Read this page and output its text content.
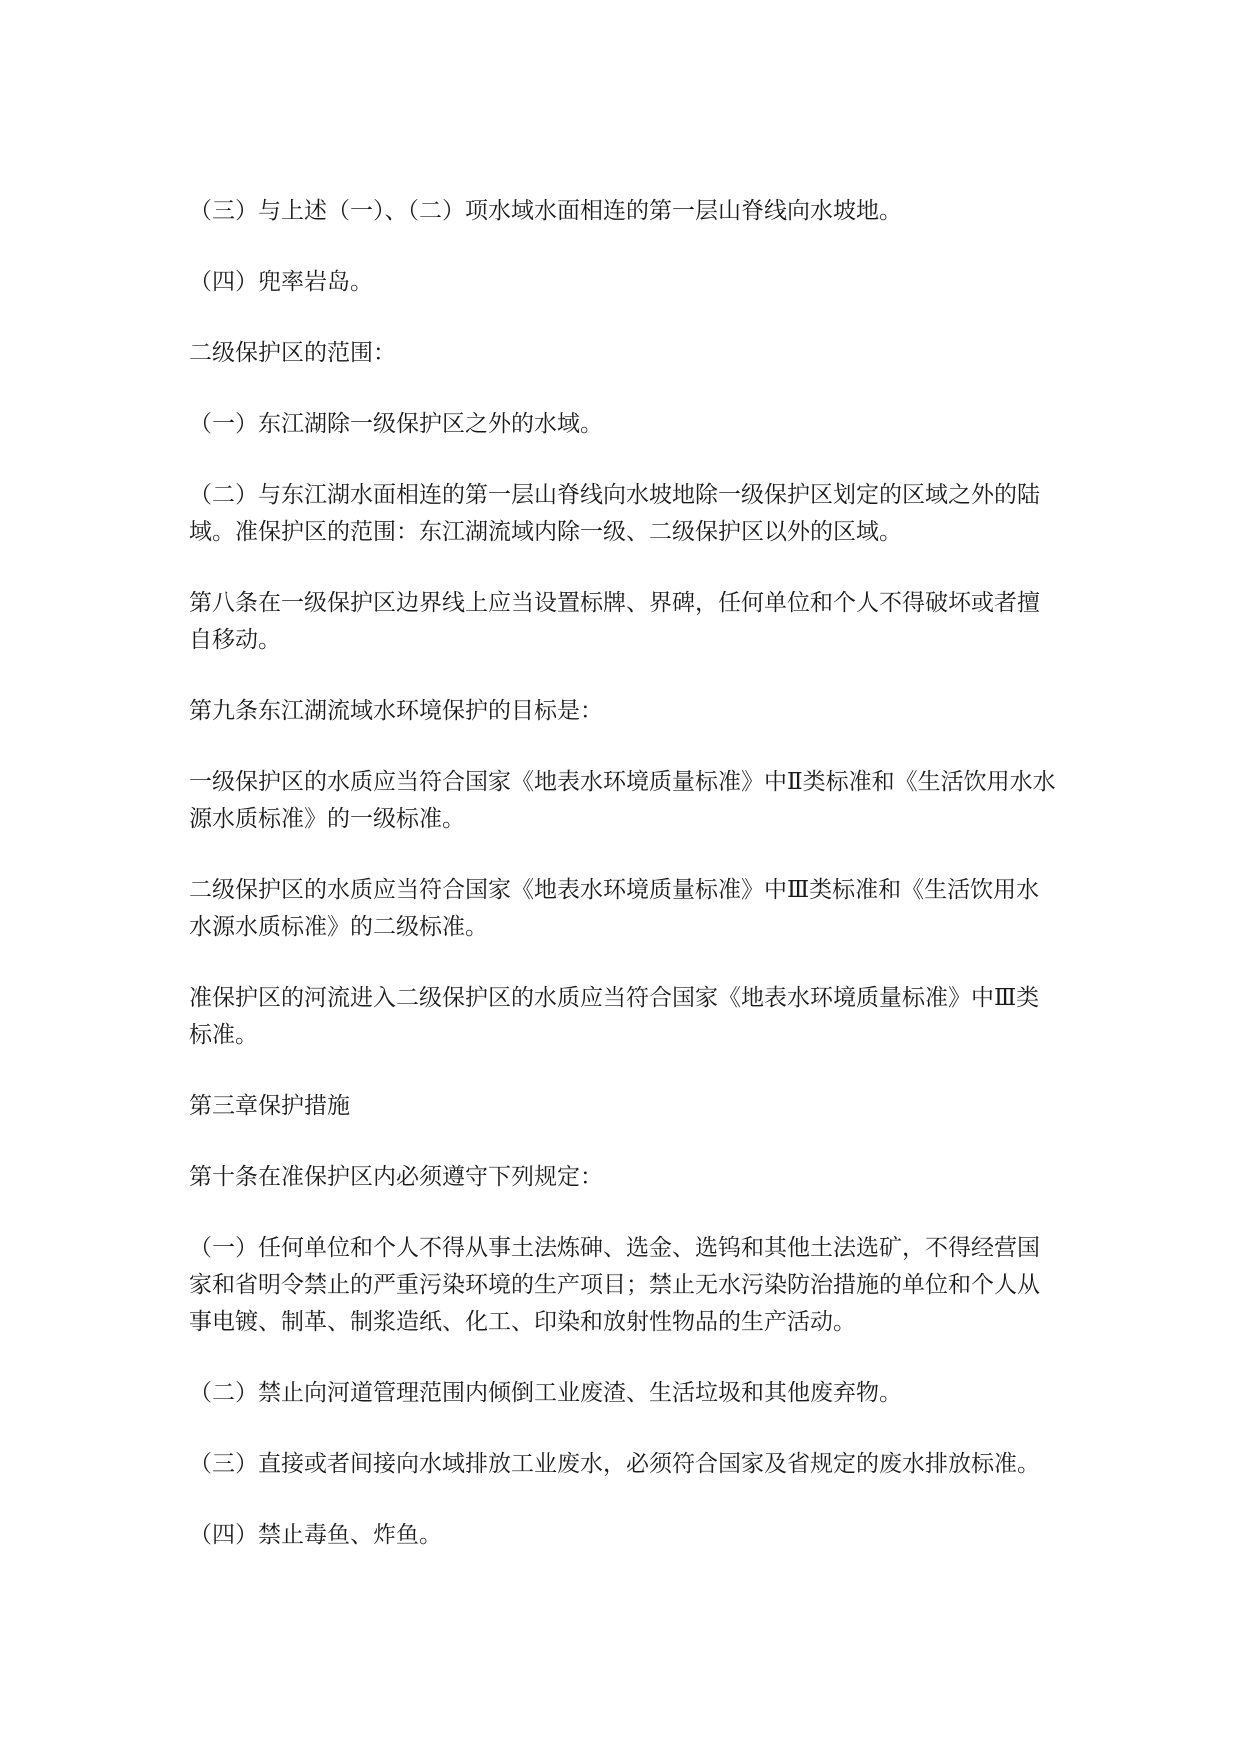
（三）与上述（一）、（二）项水域水面相连的第一层山脊线向水坡地。

（四）兜率岩岛。

二级保护区的范围：

（一）东江湖除一级保护区之外的水域。

（二）与东江湖水面相连的第一层山脊线向水坡地除一级保护区划定的区域之外的陆域。准保护区的范围：东江湖流域内除一级、二级保护区以外的区域。

第八条在一级保护区边界线上应当设置标牌、界碑，任何单位和个人不得破坏或者擅自移动。

第九条东江湖流域水环境保护的目标是：

一级保护区的水质应当符合国家《地表水环境质量标准》中Ⅱ类标准和《生活饮用水水源水质标准》的一级标准。

二级保护区的水质应当符合国家《地表水环境质量标准》中Ⅲ类标准和《生活饮用水水源水质标准》的二级标准。

准保护区的河流进入二级保护区的水质应当符合国家《地表水环境质量标准》中Ⅲ类标准。

第三章保护措施

第十条在准保护区内必须遵守下列规定：

（一）任何单位和个人不得从事土法炼砷、选金、选钨和其他土法选矿，不得经营国家和省明令禁止的严重污染环境的生产项目；禁止无水污染防治措施的单位和个人从事电镀、制革、制浆造纸、化工、印染和放射性物品的生产活动。

（二）禁止向河道管理范围内倾倒工业废渣、生活垃圾和其他废弃物。

（三）直接或者间接向水域排放工业废水，必须符合国家及省规定的废水排放标准。

（四）禁止毒鱼、炸鱼。
